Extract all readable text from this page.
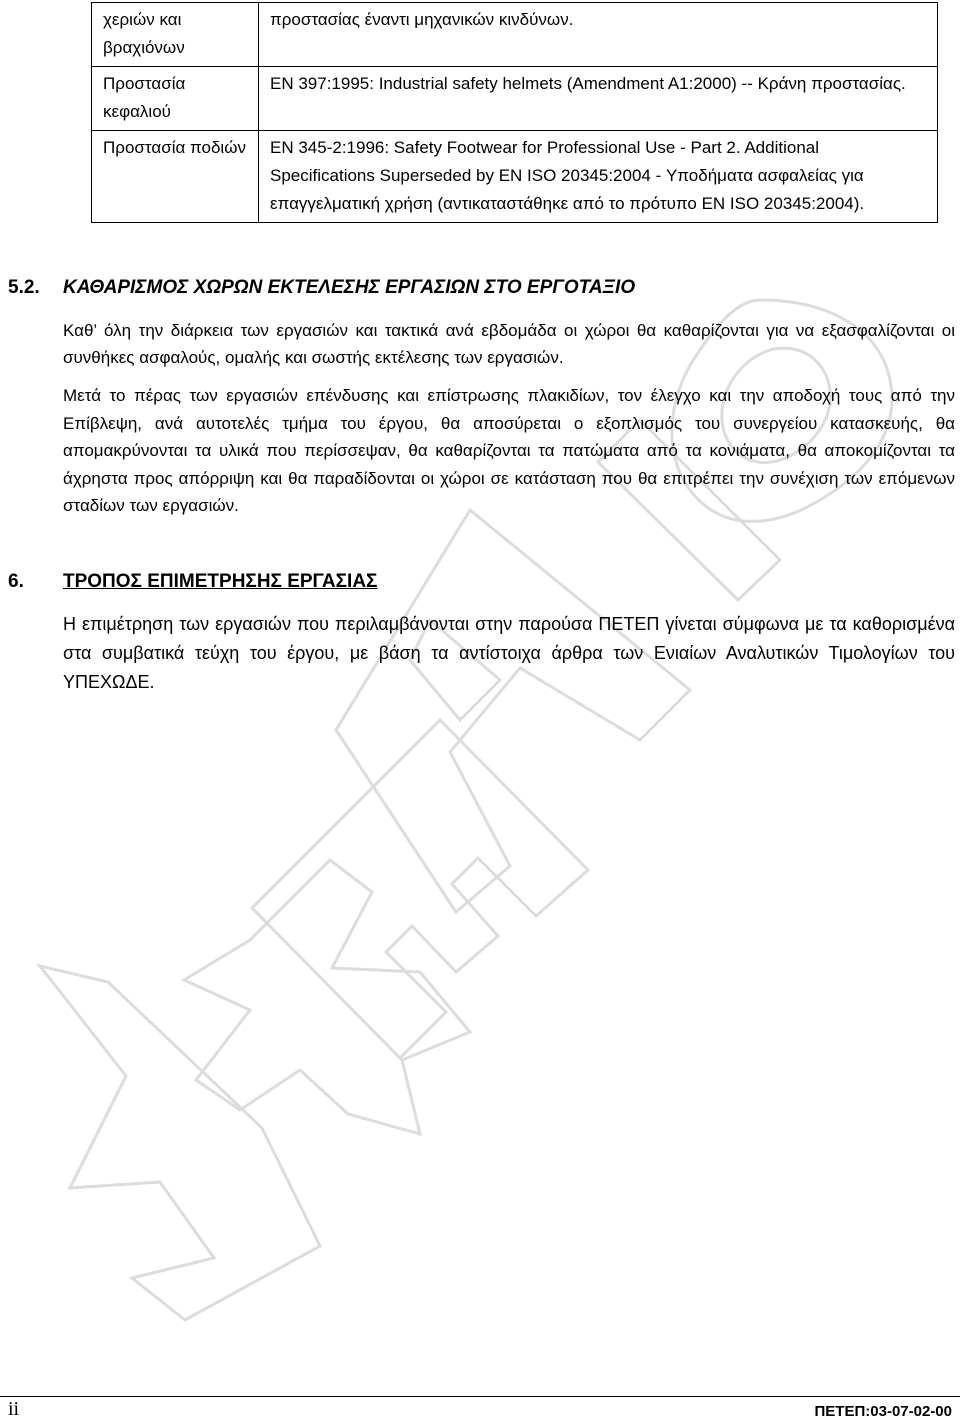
χεριών και βραχιόνων	προστασίας έναντι μηχανικών κινδύνων.
Προστασία κεφαλιού	EN 397:1995: Industrial safety helmets (Amendment A1:2000) -- Κράνη προστασίας.
Προστασία ποδιών	EN 345-2:1996: Safety Footwear for Professional Use - Part 2. Additional Specifications Superseded by EN ISO 20345:2004 - Υποδήματα ασφαλείας για επαγγελματική χρήση (αντικαταστάθηκε από το πρότυπο EN ISO 20345:2004).
5.2. ΚΑΘΑΡΙΣΜΟΣ ΧΩΡΩΝ ΕΚΤΕΛΕΣΗΣ ΕΡΓΑΣΙΩΝ ΣΤΟ ΕΡΓΟΤΑΞΙΟ

Καθ’ όλη την διάρκεια των εργασιών και τακτικά ανά εβδομάδα οι χώροι θα καθαρίζονται για να εξασφαλίζονται οι συνθήκες ασφαλούς, ομαλής και σωστής εκτέλεσης των εργασιών.

Μετά το πέρας των εργασιών επένδυσης και επίστρωσης πλακιδίων, τον έλεγχο και την αποδοχή τους από την Επίβλεψη, ανά αυτοτελές τμήμα του έργου, θα αποσύρεται ο εξοπλισμός του συνεργείου κατασκευής, θα απομακρύνονται τα υλικά που περίσσεψαν, θα καθαρίζονται τα πατώματα από τα κονιάματα, θα αποκομίζονται τα άχρηστα προς απόρριψη και θα παραδίδονται οι χώροι σε κατάσταση που θα επιτρέπει την συνέχιση των επόμενων σταδίων των εργασιών.

6. ΤΡΟΠΟΣ ΕΠΙΜΕΤΡΗΣΗΣ ΕΡΓΑΣΙΑΣ

Η επιμέτρηση των εργασιών που περιλαμβάνονται στην παρούσα ΠΕΤΕΠ γίνεται σύμφωνα με τα καθορισμένα στα συμβατικά τεύχη του έργου, με βάση τα αντίστοιχα άρθρα των Ενιαίων Αναλυτικών Τιμολογίων του ΥΠΕΧΩΔΕ.

ii	ΠΕΤΕΠ:03-07-02-00
